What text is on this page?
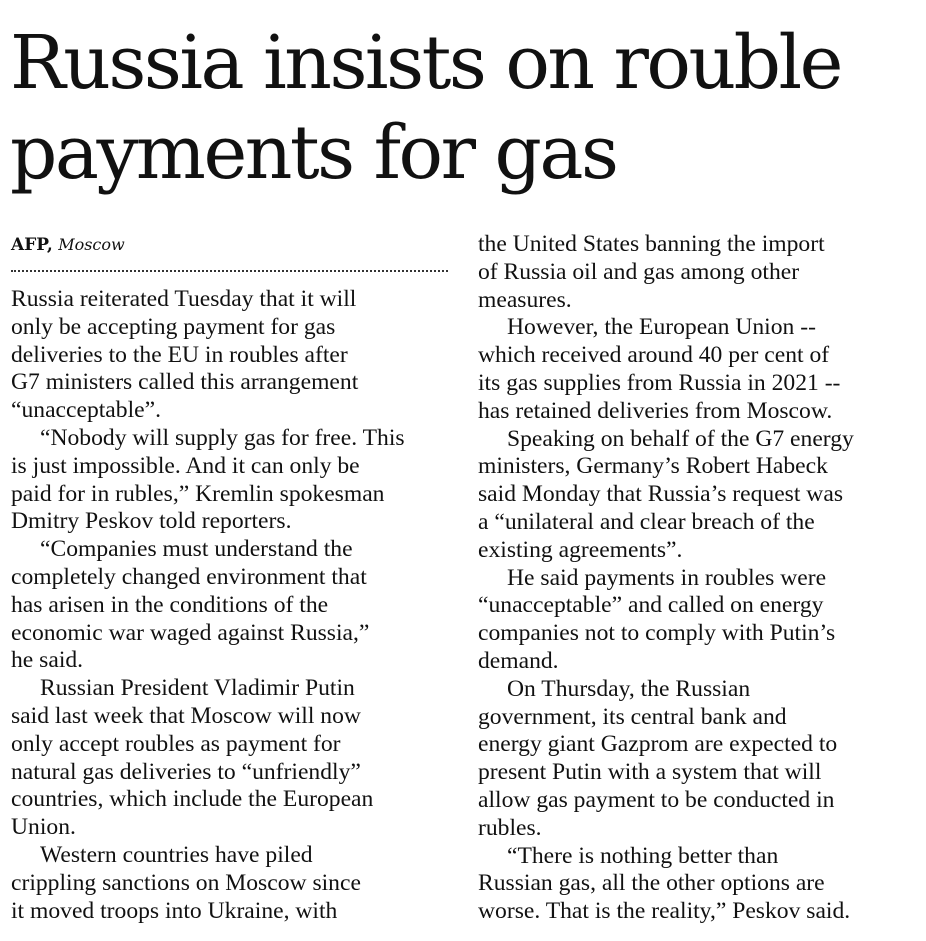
Russia insists on rouble payments for gas
AFP, Moscow

Russia reiterated Tuesday that it will
only be accepting payment for gas
deliveries to the EU in roubles after
G7 ministers called this arrangement
“unacceptable”.

“Nobody will supply gas for free. This
is just impossible. And it can only be
paid for in rubles,” Kremlin spokesman
Dmitry Peskov told reporters.

“Companies must understand the
completely changed environment that
has arisen in the conditions of the
economic war waged against Russia,”
he said.

Russian President Vladimir Putin
said last week that Moscow will now
only accept roubles as payment for
natural gas deliveries to “unfriendly”
countries, which include the European
Union.

Western countries have piled
crippling sanctions on Moscow since
it moved troops into Ukraine, with

the United States banning the import
of Russia oil and gas among other
measures.

However, the European Union --
which received around 40 per cent of
its gas supplies from Russia in 2021 --
has retained deliveries from Moscow.

Speaking on behalf of the G7 energy
ministers, Germany’s Robert Habeck
said Monday that Russia’s request was
a “unilateral and clear breach of the
existing agreements”.

He said payments in roubles were
“unacceptable” and called on energy
companies not to comply with Putin’s
demand.

On Thursday, the Russian
government, its central bank and
energy giant Gazprom are expected to
present Putin with a system that will
allow gas payment to be conducted in
rubles.

“There is nothing better than
Russian gas, all the other options are
worse. That is the reality,” Peskov said.
